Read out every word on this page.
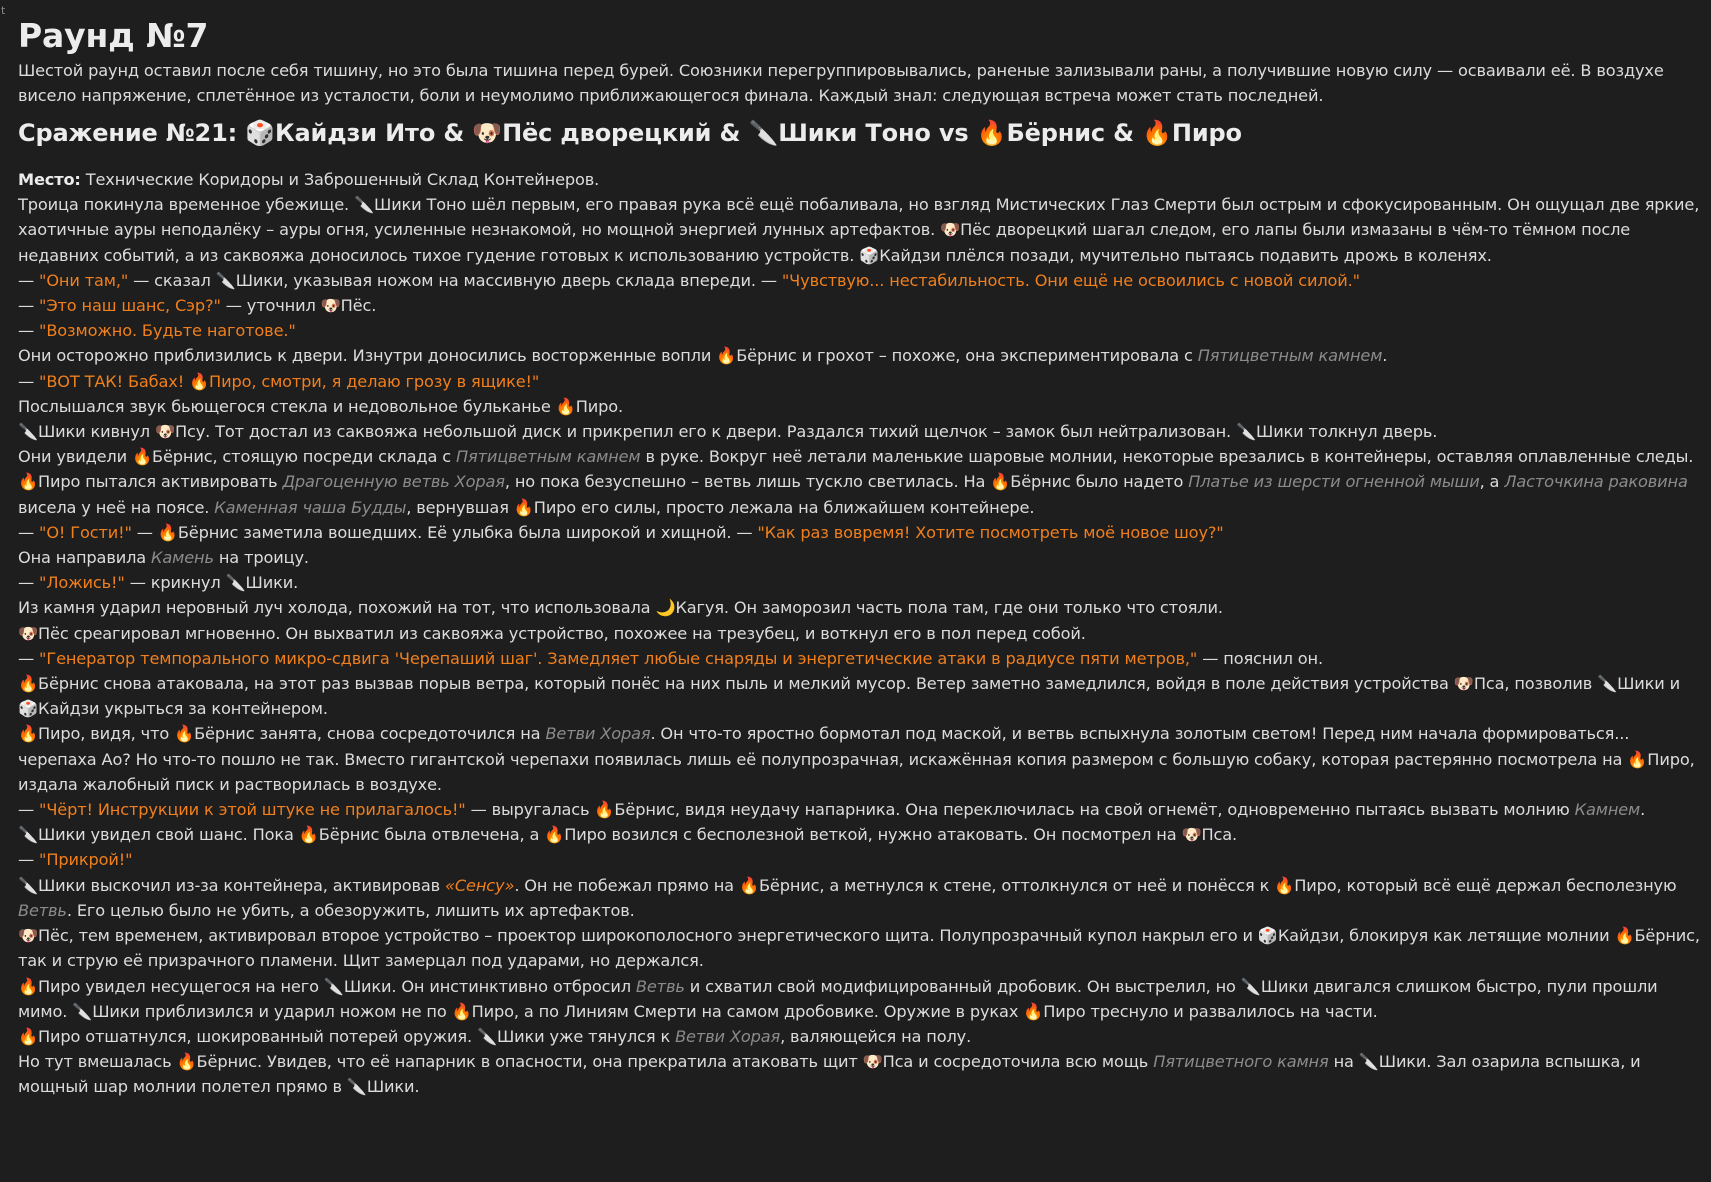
t
Раунд №7

Шестой раунд оставил после себя тишину, но это была тишина перед бурей. Союзники перегруппировывались, раненые зализывали раны, а получившие новую силу — осваивали её. В воздухе висело напряжение, сплетённое из усталости, боли и неумолимо приближающегося финала. Каждый знал: следующая встреча может стать последней.

Сражение №21: 🎲Кайдзи Ито & 🐶Пёс дворецкий & 🔪Шики Тоно vs 🔥Бёрнис & 🔥Пиро
Место: Технические Коридоры и Заброшенный Склад Контейнеров.

Троица покинула временное убежище. 🔪Шики Тоно шёл первым, его правая рука всё ещё побаливала, но взгляд Мистических Глаз Смерти был острым и сфокусированным. Он ощущал две яркие, хаотичные ауры неподалёку – ауры огня, усиленные незнакомой, но мощной энергией лунных артефактов. 🐶Пёс дворецкий шагал следом, его лапы были измазаны в чём-то тёмном после недавних событий, а из саквояжа доносилось тихое гудение готовых к использованию устройств. 🎲Кайдзи плёлся позади, мучительно пытаясь подавить дрожь в коленях.

— "Они там," — сказал 🔪Шики, указывая ножом на массивную дверь склада впереди. — "Чувствую... нестабильность. Они ещё не освоились с новой силой."

— "Это наш шанс, Сэр?" — уточнил 🐶Пёс.

— "Возможно. Будьте наготове."

Они осторожно приблизились к двери. Изнутри доносились восторженные вопли 🔥Бёрнис и грохот – похоже, она экспериментировала с Пятицветным камнем.

— "ВОТ ТАК! Бабах! 🔥Пиро, смотри, я делаю грозу в ящике!"

Послышался звук бьющегося стекла и недовольное бульканье 🔥Пиро.

🔪Шики кивнул 🐶Псу. Тот достал из саквояжа небольшой диск и прикрепил его к двери. Раздался тихий щелчок – замок был нейтрализован. 🔪Шики толкнул дверь.

Они увидели 🔥Бёрнис, стоящую посреди склада с Пятицветным камнем в руке. Вокруг неё летали маленькие шаровые молнии, некоторые врезались в контейнеры, оставляя оплавленные следы. 🔥Пиро пытался активировать Драгоценную ветвь Хорая, но пока безуспешно – ветвь лишь тускло светилась. На 🔥Бёрнис было надето Платье из шерсти огненной мыши, а Ласточкина раковина висела у неё на поясе. Каменная чаша Будды, вернувшая 🔥Пиро его силы, просто лежала на ближайшем контейнере.

— "О! Гости!" — 🔥Бёрнис заметила вошедших. Её улыбка была широкой и хищной. — "Как раз вовремя! Хотите посмотреть моё новое шоу?"

Она направила Камень на троицу.

— "Ложись!" — крикнул 🔪Шики.

Из камня ударил неровный луч холода, похожий на тот, что использовала 🌙Кагуя. Он заморозил часть пола там, где они только что стояли.

🐶Пёс среагировал мгновенно. Он выхватил из саквояжа устройство, похожее на трезубец, и воткнул его в пол перед собой.

— "Генератор темпорального микро-сдвига 'Черепаший шаг'. Замедляет любые снаряды и энергетические атаки в радиусе пяти метров," — пояснил он.

🔥Бёрнис снова атаковала, на этот раз вызвав порыв ветра, который понёс на них пыль и мелкий мусор. Ветер заметно замедлился, войдя в поле действия устройства 🐶Пса, позволив 🔪Шики и 🎲Кайдзи укрыться за контейнером.

🔥Пиро, видя, что 🔥Бёрнис занята, снова сосредоточился на Ветви Хорая. Он что-то яростно бормотал под маской, и ветвь вспыхнула золотым светом! Перед ним начала формироваться... черепаха Ао? Но что-то пошло не так. Вместо гигантской черепахи появилась лишь её полупрозрачная, искажённая копия размером с большую собаку, которая растерянно посмотрела на 🔥Пиро, издала жалобный писк и растворилась в воздухе.

— "Чёрт! Инструкции к этой штуке не прилагалось!" — выругалась 🔥Бёрнис, видя неудачу напарника. Она переключилась на свой огнемёт, одновременно пытаясь вызвать молнию Камнем.

🔪Шики увидел свой шанс. Пока 🔥Бёрнис была отвлечена, а 🔥Пиро возился с бесполезной веткой, нужно атаковать. Он посмотрел на 🐶Пса.

— "Прикрой!"

🔪Шики выскочил из-за контейнера, активировав «Сенсу». Он не побежал прямо на 🔥Бёрнис, а метнулся к стене, оттолкнулся от неё и понёсся к 🔥Пиро, который всё ещё держал бесполезную Ветвь. Его целью было не убить, а обезоружить, лишить их артефактов.

🐶Пёс, тем временем, активировал второе устройство – проектор широкополосного энергетического щита. Полупрозрачный купол накрыл его и 🎲Кайдзи, блокируя как летящие молнии 🔥Бёрнис, так и струю её призрачного пламени. Щит замерцал под ударами, но держался.

🔥Пиро увидел несущегося на него 🔪Шики. Он инстинктивно отбросил Ветвь и схватил свой модифицированный дробовик. Он выстрелил, но 🔪Шики двигался слишком быстро, пули прошли мимо. 🔪Шики приблизился и ударил ножом не по 🔥Пиро, а по Линиям Смерти на самом дробовике. Оружие в руках 🔥Пиро треснуло и развалилось на части.

🔥Пиро отшатнулся, шокированный потерей оружия. 🔪Шики уже тянулся к Ветви Хорая, валяющейся на полу.

Но тут вмешалась 🔥Бёрнис. Увидев, что её напарник в опасности, она прекратила атаковать щит 🐶Пса и сосредоточила всю мощь Пятицветного камня на 🔪Шики. Зал озарила вспышка, и мощный шар молнии полетел прямо в 🔪Шики.
